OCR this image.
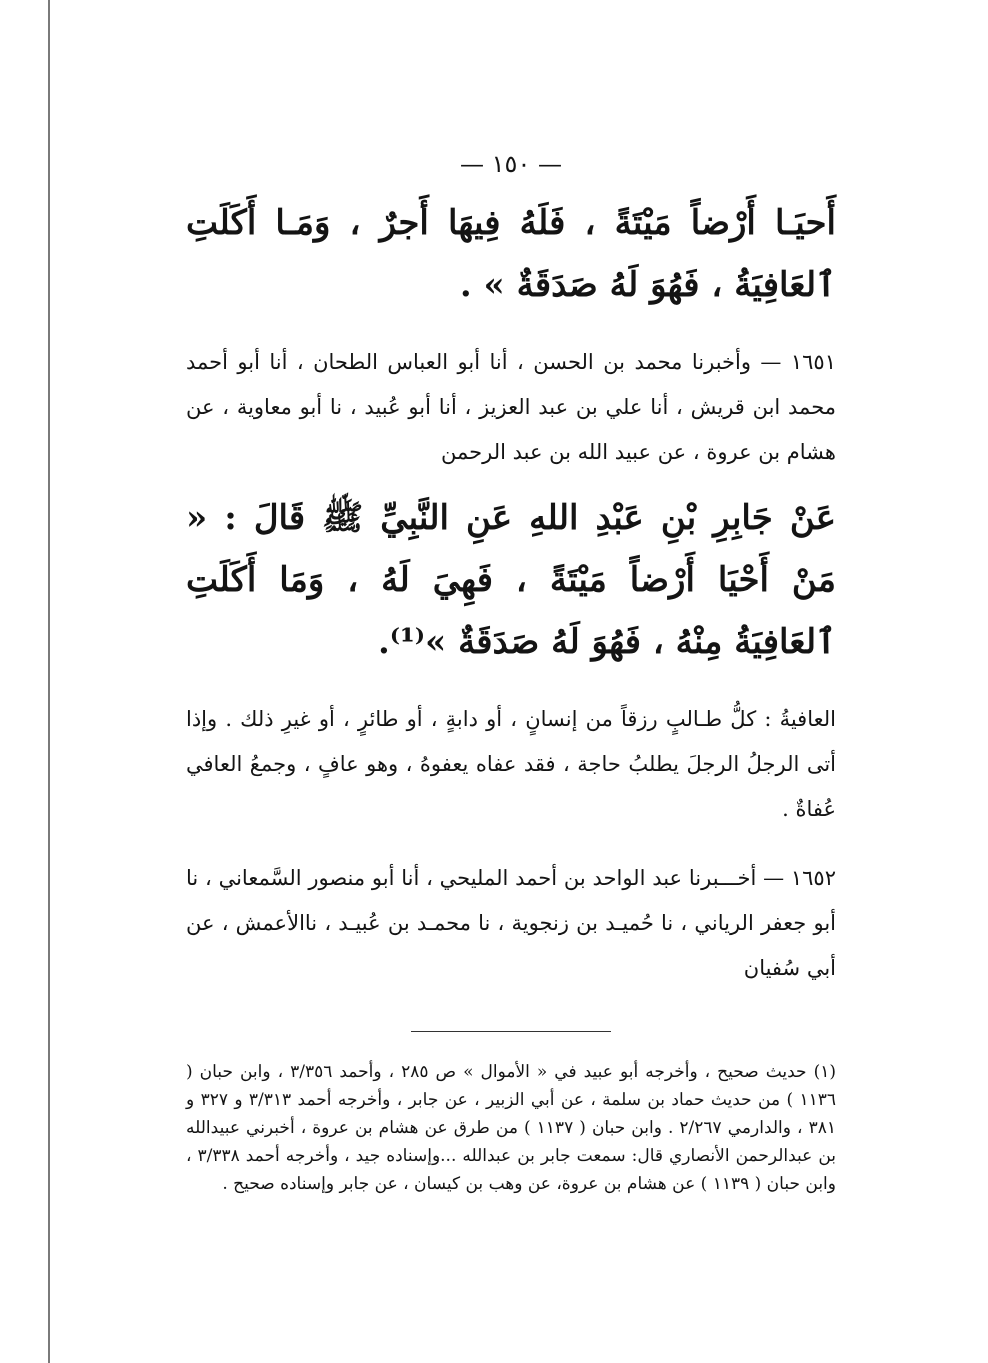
— ١٥٠ —

أَحيَـا أَرْضاً مَيْتَةً ، فَلَهُ فِيهَا أَجرٌ ، وَمَـا أَكَلَتِ ٱلعَافِيَةُ ، فَهُوَ لَهُ صَدَقَةٌ » .

١٦٥١ — وأخبرنا محمد بن الحسن ، أنا أبو العباس الطحان ، أنا أبو أحمد محمد ابن قريش ، أنا علي بن عبد العزيز ، أنا أبو عُبيد ، نا أبو معاوية ، عن هشام بن عروة ، عن عبيد الله بن عبد الرحمن

عَنْ جَابِرِ بْنِ عَبْدِ اللهِ عَنِ النَّبِيِّ ﷺ قَالَ : « مَنْ أَحْيَا أَرْضاً مَيْتَةً ، فَهِيَ لَهُ ، وَمَا أَكَلَتِ ٱلعَافِيَةُ مِنْهُ ، فَهُوَ لَهُ صَدَقَةٌ »⁽¹⁾.

العافيةُ : كلُّ طـالبٍ رزقاً من إنسانٍ ، أو دابةٍ ، أو طائرٍ ، أو غيرِ ذلك . وإذا أتى الرجلُ الرجلَ يطلبُ حاجة ، فقد عفاه يعفوهُ ، وهو عافٍ ، وجمعُ العافي عُفاةٌ .

١٦٥٢ — أخـــبرنا عبد الواحد بن أحمد المليحي ، أنا أبو منصور السَّمعاني ، نا أبو جعفر الرياني ، نا حُميـد بن زنجوية ، نا محمـد بن عُبيـد ، ناالأعمش ، عن أبي سُفيان

(١) حديث صحيح ، وأخرجه أبو عبيد في « الأموال » ص ٢٨٥ ، وأحمد ٣/٣٥٦ ، وابن حبان ( ١١٣٦ ) من حديث حماد بن سلمة ، عن أبي الزبير ، عن جابر ، وأخرجه أحمد ٣/٣١٣ و ٣٢٧ و ٣٨١ ، والدارمي ٢/٢٦٧ . وابن حبان ( ١١٣٧ ) من طرق عن هشام بن عروة ، أخبرني عبيدالله بن عبدالرحمن الأنصاري قال: سمعت جابر بن عبدالله ...وإسناده جيد ، وأخرجه أحمد ٣/٣٣٨ ، وابن حبان ( ١١٣٩ ) عن هشام بن عروة، عن وهب بن كيسان ، عن جابر وإسناده صحيح .
